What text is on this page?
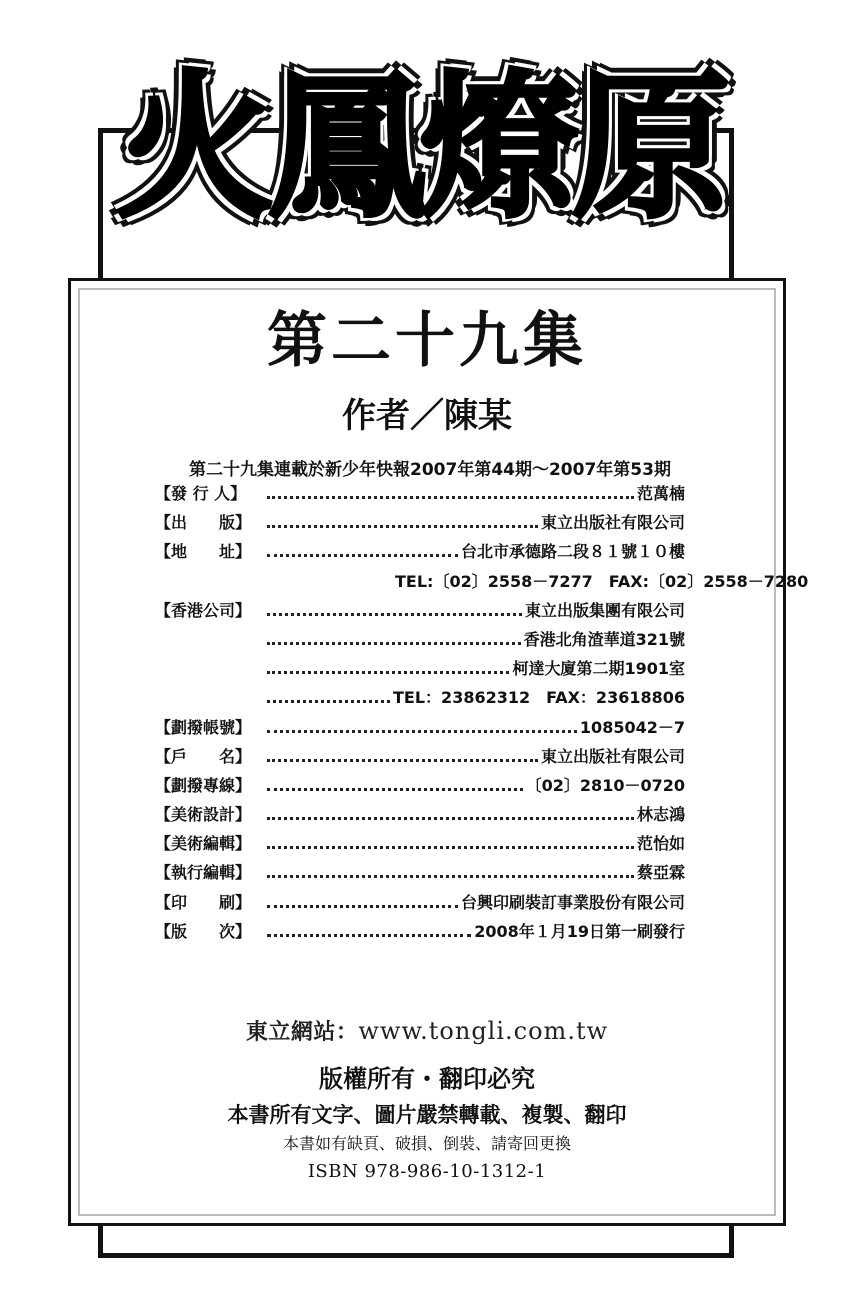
火鳳燎原
第二十九集
作者／陳某
第二十九集連載於新少年快報2007年第44期～2007年第53期
【發 行 人】	范萬楠
【出　　版】	東立出版社有限公司
【地　　址】	台北市承德路二段８１號１０樓
TEL:〔02〕2558－7277　FAX:〔02〕2558－7280
【香港公司】	東立出版集團有限公司
香港北角渣華道321號
柯達大廈第二期1901室
TEL：23862312　FAX：23618806
【劃撥帳號】	1085042－7
【戶　　名】	東立出版社有限公司
【劃撥專線】	〔02〕2810－0720
【美術設計】	林志鴻
【美術編輯】	范怡如
【執行編輯】	蔡亞霖
【印　　刷】	台興印刷裝訂事業股份有限公司
【版　　次】	2008年１月19日第一刷發行
東立網站：www.tongli.com.tw
版權所有・翻印必究
本書所有文字、圖片嚴禁轉載、複製、翻印
本書如有缺頁、破損、倒裝、請寄回更換
ISBN 978-986-10-1312-1
